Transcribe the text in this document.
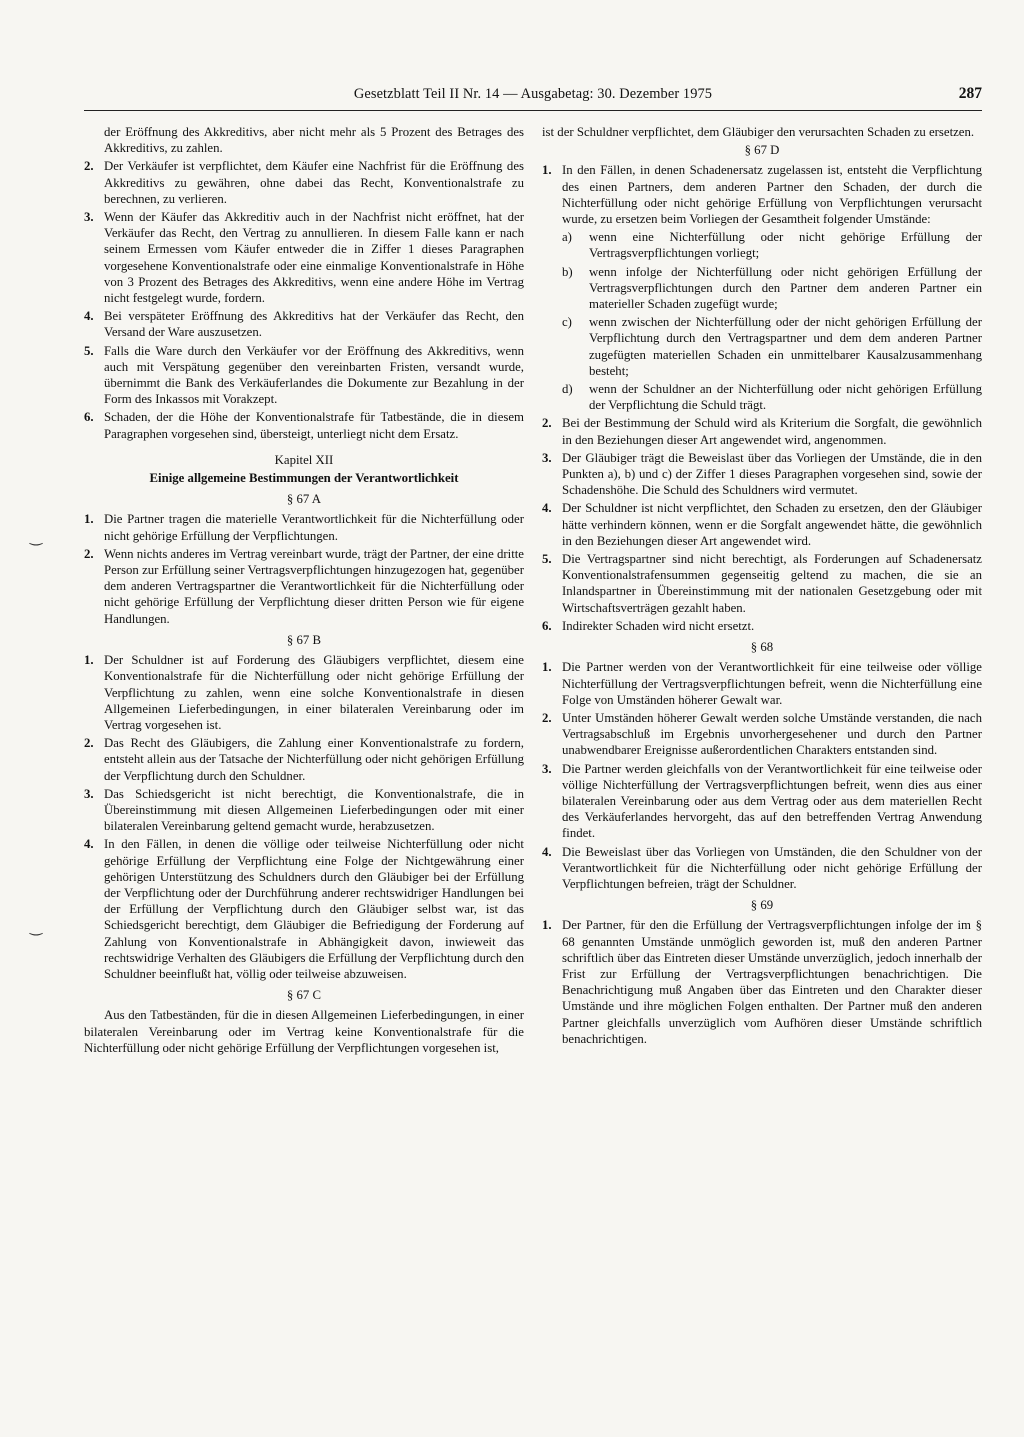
Gesetzblatt Teil II Nr. 14 — Ausgabetag: 30. Dezember 1975	287

der Eröffnung des Akkreditivs, aber nicht mehr als 5 Prozent des Betrages des Akkreditivs, zu zahlen.

2. Der Verkäufer ist verpflichtet, dem Käufer eine Nachfrist für die Eröffnung des Akkreditivs zu gewähren, ohne dabei das Recht, Konventionalstrafe zu berechnen, zu verlieren.
3. Wenn der Käufer das Akkreditiv auch in der Nachfrist nicht eröffnet, hat der Verkäufer das Recht, den Vertrag zu annullieren. In diesem Falle kann er nach seinem Ermessen vom Käufer entweder die in Ziffer 1 dieses Paragraphen vorgesehene Konventionalstrafe oder eine einmalige Konventionalstrafe in Höhe von 3 Prozent des Betrages des Akkreditivs, wenn eine andere Höhe im Vertrag nicht festgelegt wurde, fordern.
4. Bei verspäteter Eröffnung des Akkreditivs hat der Verkäufer das Recht, den Versand der Ware auszusetzen.
5. Falls die Ware durch den Verkäufer vor der Eröffnung des Akkreditivs, wenn auch mit Verspätung gegenüber den vereinbarten Fristen, versandt wurde, übernimmt die Bank des Verkäuferlandes die Dokumente zur Bezahlung in der Form des Inkassos mit Vorakzept.
6. Schaden, der die Höhe der Konventionalstrafe für Tatbestände, die in diesem Paragraphen vorgesehen sind, übersteigt, unterliegt nicht dem Ersatz.
Kapitel XII
Einige allgemeine Bestimmungen der Verantwortlichkeit
§ 67 A
1. Die Partner tragen die materielle Verantwortlichkeit für die Nichterfüllung oder nicht gehörige Erfüllung der Verpflichtungen.
2. Wenn nichts anderes im Vertrag vereinbart wurde, trägt der Partner, der eine dritte Person zur Erfüllung seiner Vertragsverpflichtungen hinzugezogen hat, gegenüber dem anderen Vertragspartner die Verantwortlichkeit für die Nichterfüllung oder nicht gehörige Erfüllung der Verpflichtung dieser dritten Person wie für eigene Handlungen.
§ 67 B
1. Der Schuldner ist auf Forderung des Gläubigers verpflichtet, diesem eine Konventionalstrafe für die Nichterfüllung oder nicht gehörige Erfüllung der Verpflichtung zu zahlen, wenn eine solche Konventionalstrafe in diesen Allgemeinen Lieferbedingungen, in einer bilateralen Vereinbarung oder im Vertrag vorgesehen ist.
2. Das Recht des Gläubigers, die Zahlung einer Konventionalstrafe zu fordern, entsteht allein aus der Tatsache der Nichterfüllung oder nicht gehörigen Erfüllung der Verpflichtung durch den Schuldner.
3. Das Schiedsgericht ist nicht berechtigt, die Konventionalstrafe, die in Übereinstimmung mit diesen Allgemeinen Lieferbedingungen oder mit einer bilateralen Vereinbarung geltend gemacht wurde, herabzusetzen.
4. In den Fällen, in denen die völlige oder teilweise Nichterfüllung oder nicht gehörige Erfüllung der Verpflichtung eine Folge der Nichtgewährung einer gehörigen Unterstützung des Schuldners durch den Gläubiger bei der Erfüllung der Verpflichtung oder der Durchführung anderer rechtswidriger Handlungen bei der Erfüllung der Verpflichtung durch den Gläubiger selbst war, ist das Schiedsgericht berechtigt, dem Gläubiger die Befriedigung der Forderung auf Zahlung von Konventionalstrafe in Abhängigkeit davon, inwieweit das rechtswidrige Verhalten des Gläubigers die Erfüllung der Verpflichtung durch den Schuldner beeinflußt hat, völlig oder teilweise abzuweisen.
§ 67 C

Aus den Tatbeständen, für die in diesen Allgemeinen Lieferbedingungen, in einer bilateralen Vereinbarung oder im Vertrag keine Konventionalstrafe für die Nichterfüllung oder nicht gehörige Erfüllung der Verpflichtungen vorgesehen ist,

ist der Schuldner verpflichtet, dem Gläubiger den verursachten Schaden zu ersetzen.

§ 67 D
1. In den Fällen, in denen Schadenersatz zugelassen ist, entsteht die Verpflichtung des einen Partners, dem anderen Partner den Schaden, der durch die Nichterfüllung oder nicht gehörige Erfüllung von Verpflichtungen verursacht wurde, zu ersetzen beim Vorliegen der Gesamtheit folgender Umstände:
a) wenn eine Nichterfüllung oder nicht gehörige Erfüllung der Vertragsverpflichtungen vorliegt;
b) wenn infolge der Nichterfüllung oder nicht gehörigen Erfüllung der Vertragsverpflichtungen durch den Partner dem anderen Partner ein materieller Schaden zugefügt wurde;
c) wenn zwischen der Nichterfüllung oder der nicht gehörigen Erfüllung der Verpflichtung durch den Vertragspartner und dem dem anderen Partner zugefügten materiellen Schaden ein unmittelbarer Kausalzusammenhang besteht;
d) wenn der Schuldner an der Nichterfüllung oder nicht gehörigen Erfüllung der Verpflichtung die Schuld trägt.
2. Bei der Bestimmung der Schuld wird als Kriterium die Sorgfalt, die gewöhnlich in den Beziehungen dieser Art angewendet wird, angenommen.
3. Der Gläubiger trägt die Beweislast über das Vorliegen der Umstände, die in den Punkten a), b) und c) der Ziffer 1 dieses Paragraphen vorgesehen sind, sowie der Schadenshöhe. Die Schuld des Schuldners wird vermutet.
4. Der Schuldner ist nicht verpflichtet, den Schaden zu ersetzen, den der Gläubiger hätte verhindern können, wenn er die Sorgfalt angewendet hätte, die gewöhnlich in den Beziehungen dieser Art angewendet wird.
5. Die Vertragspartner sind nicht berechtigt, als Forderungen auf Schadenersatz Konventionalstrafensummen gegenseitig geltend zu machen, die sie an Inlandspartner in Übereinstimmung mit der nationalen Gesetzgebung oder mit Wirtschaftsverträgen gezahlt haben.
6. Indirekter Schaden wird nicht ersetzt.
§ 68
1. Die Partner werden von der Verantwortlichkeit für eine teilweise oder völlige Nichterfüllung der Vertragsverpflichtungen befreit, wenn die Nichterfüllung eine Folge von Umständen höherer Gewalt war.
2. Unter Umständen höherer Gewalt werden solche Umstände verstanden, die nach Vertragsabschluß im Ergebnis unvorhergesehener und durch den Partner unabwendbarer Ereignisse außerordentlichen Charakters entstanden sind.
3. Die Partner werden gleichfalls von der Verantwortlichkeit für eine teilweise oder völlige Nichterfüllung der Vertragsverpflichtungen befreit, wenn dies aus einer bilateralen Vereinbarung oder aus dem Vertrag oder aus dem materiellen Recht des Verkäuferlandes hervorgeht, das auf den betreffenden Vertrag Anwendung findet.
4. Die Beweislast über das Vorliegen von Umständen, die den Schuldner von der Verantwortlichkeit für die Nichterfüllung oder nicht gehörige Erfüllung der Verpflichtungen befreien, trägt der Schuldner.
§ 69
1. Der Partner, für den die Erfüllung der Vertragsverpflichtungen infolge der im § 68 genannten Umstände unmöglich geworden ist, muß den anderen Partner schriftlich über das Eintreten dieser Umstände unverzüglich, jedoch innerhalb der Frist zur Erfüllung der Vertragsverpflichtungen benachrichtigen. Die Benachrichtigung muß Angaben über das Eintreten und den Charakter dieser Umstände und ihre möglichen Folgen enthalten. Der Partner muß den anderen Partner gleichfalls unverzüglich vom Aufhören dieser Umstände schriftlich benachrichtigen.
‿
‿
